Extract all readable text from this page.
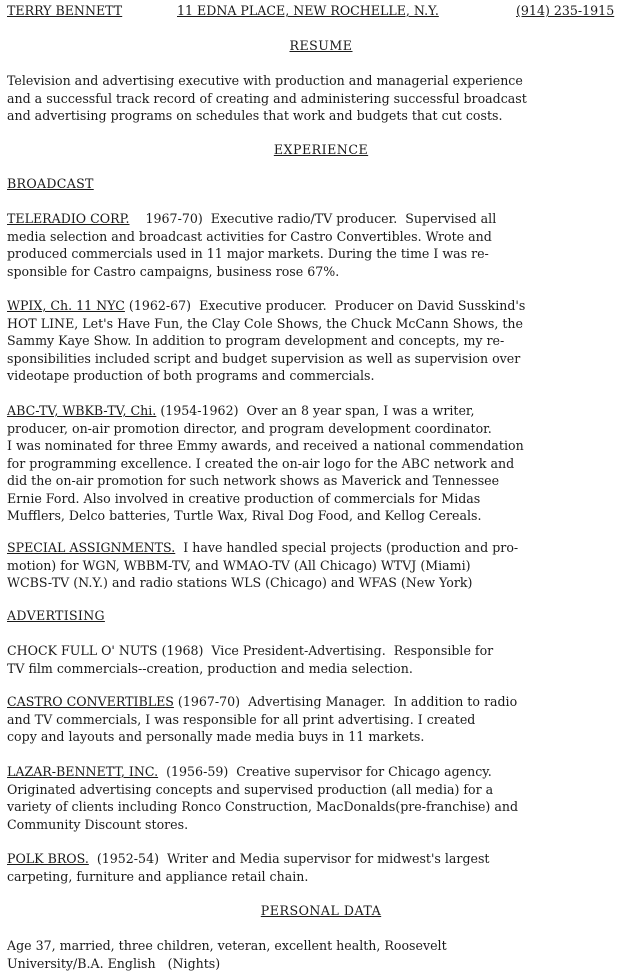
TERRY BENNETT	11 EDNA PLACE, NEW ROCHELLE, N.Y.	(914) 235-1915
RESUME
Television and advertising executive with production and managerial experience
and a successful track record of creating and administering successful broadcast
and advertising programs on schedules that work and budgets that cut costs.
EXPERIENCE
BROADCAST
TELERADIO CORP.    1967-70)  Executive radio/TV producer.  Supervised all
media selection and broadcast activities for Castro Convertibles. Wrote and
produced commercials used in 11 major markets. During the time I was re-
sponsible for Castro campaigns, business rose 67%.
WPIX, Ch. 11 NYC (1962-67)  Executive producer.  Producer on David Susskind's
HOT LINE, Let's Have Fun, the Clay Cole Shows, the Chuck McCann Shows, the
Sammy Kaye Show. In addition to program development and concepts, my re-
sponsibilities included script and budget supervision as well as supervision over
videotape production of both programs and commercials.
ABC-TV, WBKB-TV, Chi. (1954-1962)  Over an 8 year span, I was a writer,
producer, on-air promotion director, and program development coordinator.
I was nominated for three Emmy awards, and received a national commendation
for programming excellence. I created the on-air logo for the ABC network and
did the on-air promotion for such network shows as Maverick and Tennessee
Ernie Ford. Also involved in creative production of commercials for Midas
Mufflers, Delco batteries, Turtle Wax, Rival Dog Food, and Kellog Cereals.
SPECIAL ASSIGNMENTS.  I have handled special projects (production and pro-
motion) for WGN, WBBM-TV, and WMAO-TV (All Chicago) WTVJ (Miami)
WCBS-TV (N.Y.) and radio stations WLS (Chicago) and WFAS (New York)
ADVERTISING
CHOCK FULL O' NUTS (1968)  Vice President-Advertising.  Responsible for
TV film commercials--creation, production and media selection.
CASTRO CONVERTIBLES (1967-70)  Advertising Manager.  In addition to radio
and TV commercials, I was responsible for all print advertising. I created
copy and layouts and personally made media buys in 11 markets.
LAZAR-BENNETT, INC.  (1956-59)  Creative supervisor for Chicago agency.
Originated advertising concepts and supervised production (all media) for a
variety of clients including Ronco Construction, MacDonalds(pre-franchise) and
Community Discount stores.
POLK BROS.  (1952-54)  Writer and Media supervisor for midwest's largest
carpeting, furniture and appliance retail chain.
PERSONAL DATA
Age 37, married, three children, veteran, excellent health, Roosevelt
University/B.A. English   (Nights)
